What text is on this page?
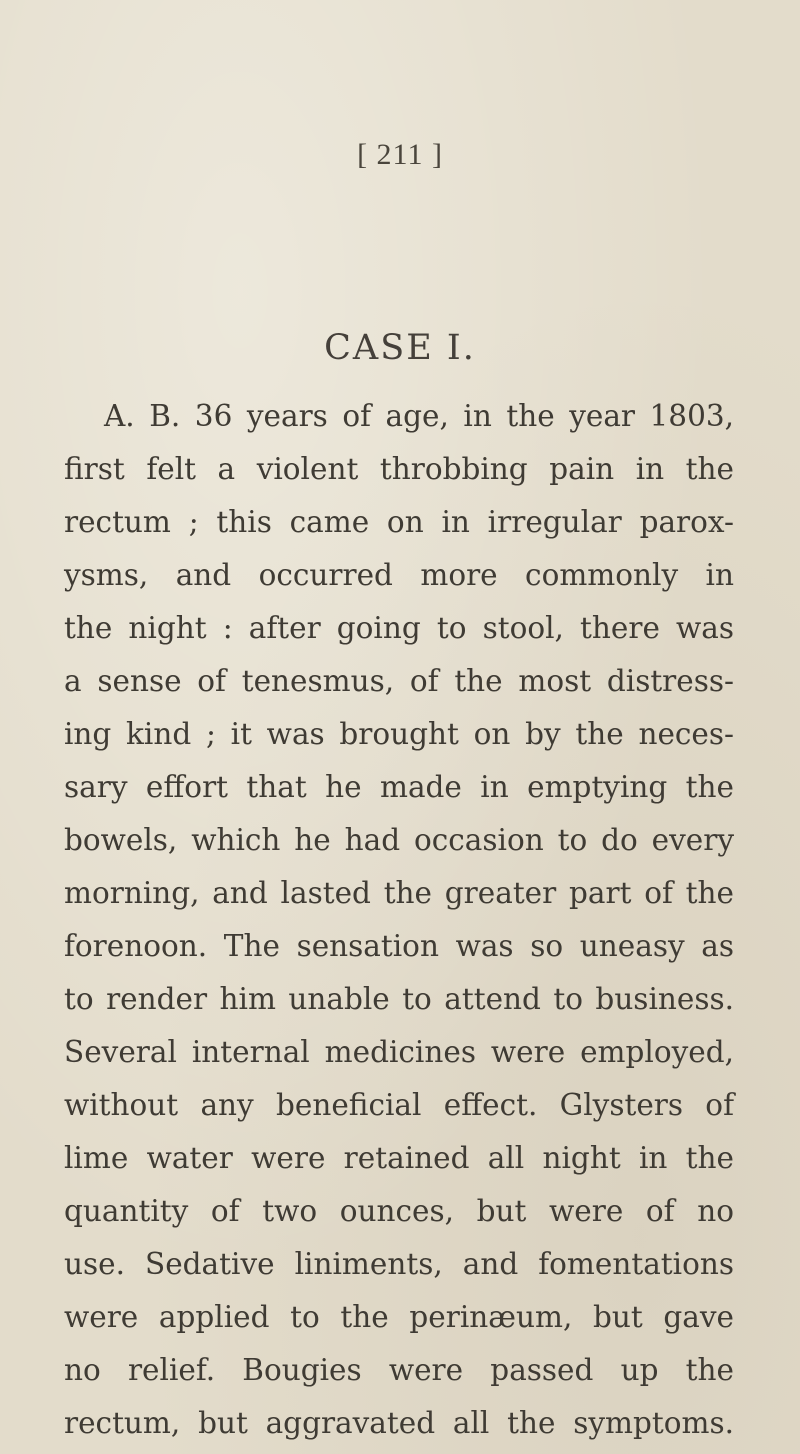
[ 211 ]
CASE I.
A. B. 36 years of age, in the year 1803,
first felt a violent throbbing pain in the
rectum ; this came on in irregular parox-
ysms, and occurred more commonly in
the night : after going to stool, there was
a sense of tenesmus, of the most distress-
ing kind ; it was brought on by the neces-
sary effort that he made in emptying the
bowels, which he had occasion to do every
morning, and lasted the greater part of the
forenoon. The sensation was so uneasy as
to render him unable to attend to business.
Several internal medicines were employed,
without any beneficial effect. Glysters of
lime water were retained all night in the
quantity of two ounces, but were of no
use. Sedative liniments, and fomentations
were applied to the perinæum, but gave
no relief. Bougies were passed up the
rectum, but aggravated all the symptoms.
